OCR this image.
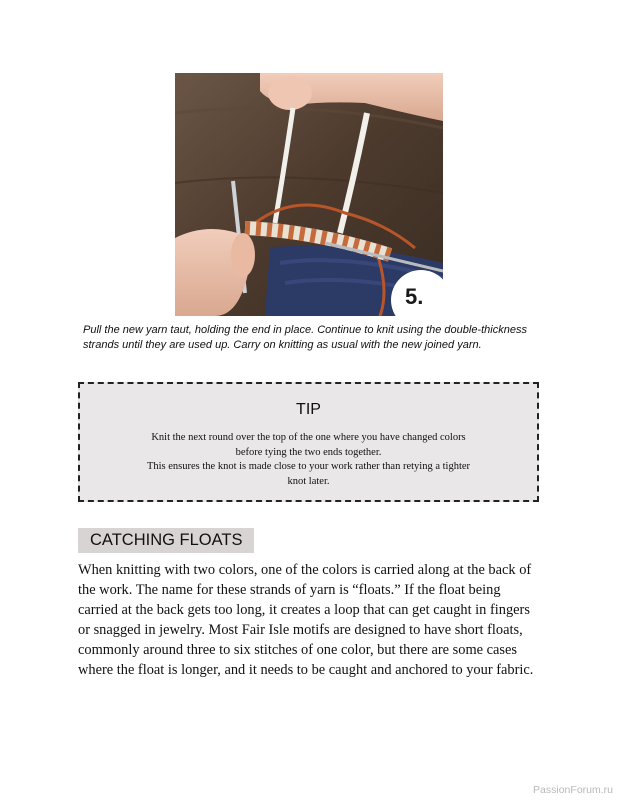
5.

Pull the new yarn taut, holding the end in place. Continue to knit using the double-thickness strands until they are used up. Carry on knitting as usual with the new joined yarn.

TIP
Knit the next round over the top of the one where you have changed colors
before tying the two ends together.
This ensures the knot is made close to your work rather than retying a tighter
knot later.
CATCHING FLOATS

When knitting with two colors, one of the colors is carried along at the back of the work. The name for these strands of yarn is “floats.” If the float being carried at the back gets too long, it creates a loop that can get caught in fingers or snagged in jewelry. Most Fair Isle motifs are designed to have short floats, commonly around three to six stitches of one color, but there are some cases where the float is longer, and it needs to be caught and anchored to your fabric.

PassionForum.ru
